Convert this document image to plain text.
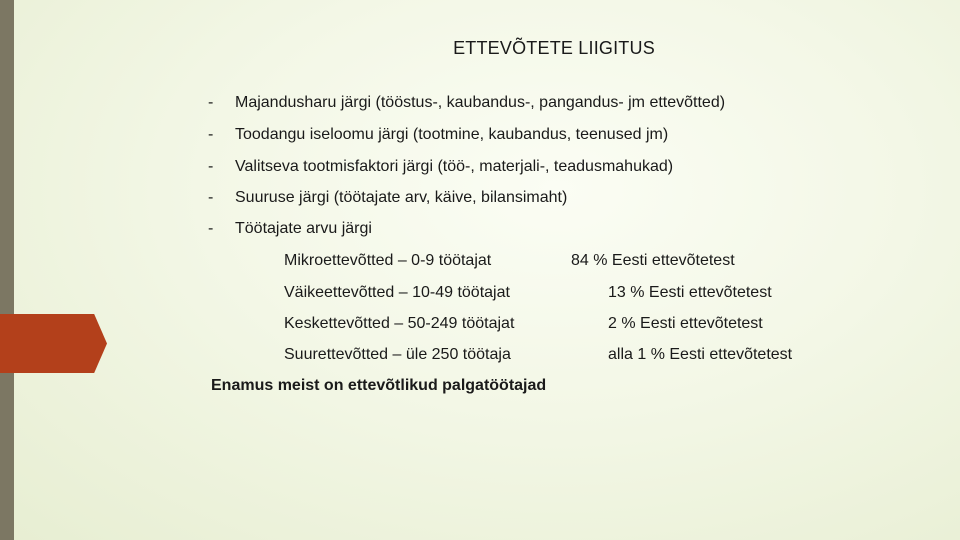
ETTEVÕTETE LIIGITUS
- Majandusharu järgi (tööstus-, kaubandus-, pangandus- jm ettevõtted)
- Toodangu iseloomu järgi (tootmine, kaubandus, teenused jm)
- Valitseva tootmisfaktori järgi (töö-, materjali-, teadusmahukad)
- Suuruse järgi (töötajate arv, käive, bilansimaht)
- Töötajate arvu järgi
Mikroettevõtted – 0-9 töötajat	84 % Eesti ettevõtetest
Väikeettevõtted – 10-49 töötajat	13 % Eesti ettevõtetest
Keskettevõtted – 50-249 töötajat	2 % Eesti ettevõtetest
Suurettevõtted – üle 250 töötaja	alla 1 % Eesti ettevõtetest
Enamus meist on ettevõtlikud palgatöötajad
